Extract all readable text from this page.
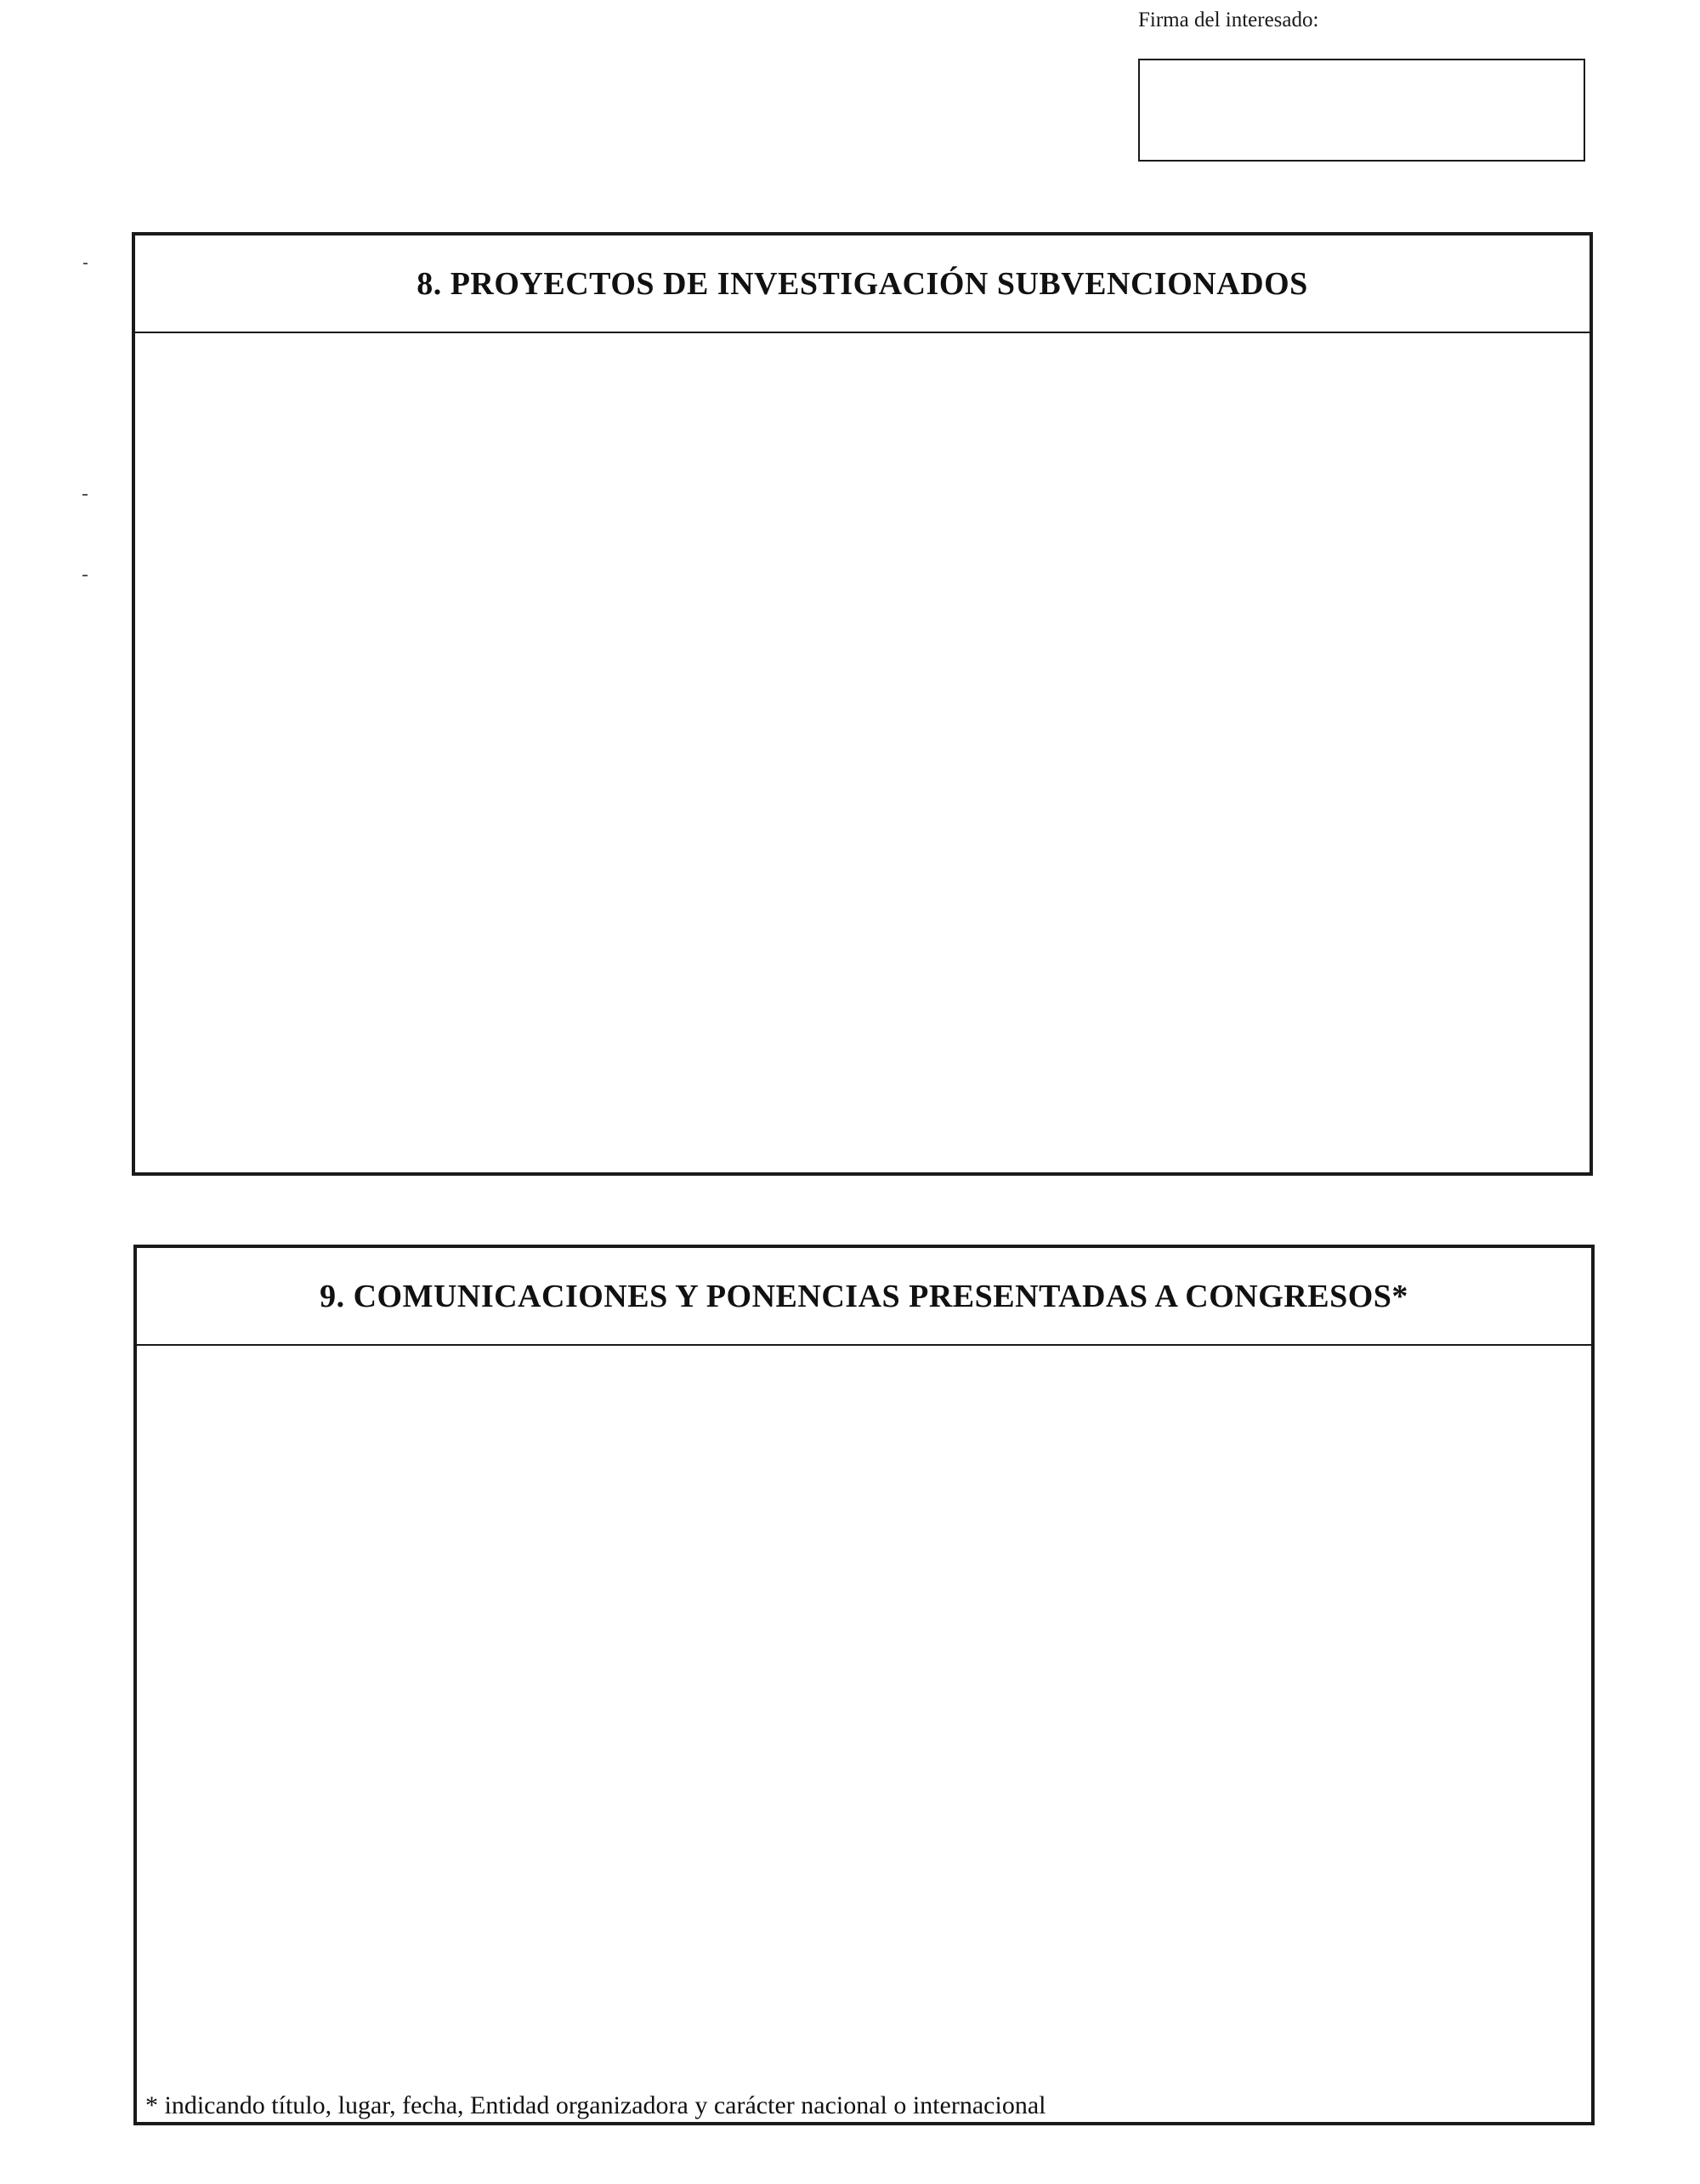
Firma del interesado:
8. PROYECTOS DE INVESTIGACIÓN SUBVENCIONADOS
9. COMUNICACIONES Y PONENCIAS PRESENTADAS A CONGRESOS*
* indicando título, lugar, fecha, Entidad organizadora y carácter nacional o internacional
